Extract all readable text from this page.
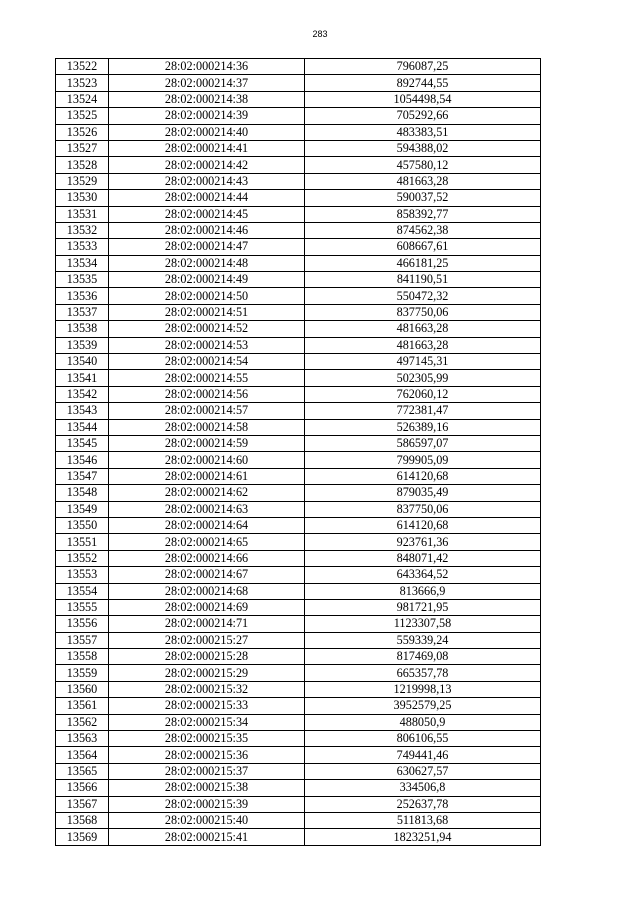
283
13522	28:02:000214:36	796087,25
13523	28:02:000214:37	892744,55
13524	28:02:000214:38	1054498,54
13525	28:02:000214:39	705292,66
13526	28:02:000214:40	483383,51
13527	28:02:000214:41	594388,02
13528	28:02:000214:42	457580,12
13529	28:02:000214:43	481663,28
13530	28:02:000214:44	590037,52
13531	28:02:000214:45	858392,77
13532	28:02:000214:46	874562,38
13533	28:02:000214:47	608667,61
13534	28:02:000214:48	466181,25
13535	28:02:000214:49	841190,51
13536	28:02:000214:50	550472,32
13537	28:02:000214:51	837750,06
13538	28:02:000214:52	481663,28
13539	28:02:000214:53	481663,28
13540	28:02:000214:54	497145,31
13541	28:02:000214:55	502305,99
13542	28:02:000214:56	762060,12
13543	28:02:000214:57	772381,47
13544	28:02:000214:58	526389,16
13545	28:02:000214:59	586597,07
13546	28:02:000214:60	799905,09
13547	28:02:000214:61	614120,68
13548	28:02:000214:62	879035,49
13549	28:02:000214:63	837750,06
13550	28:02:000214:64	614120,68
13551	28:02:000214:65	923761,36
13552	28:02:000214:66	848071,42
13553	28:02:000214:67	643364,52
13554	28:02:000214:68	813666,9
13555	28:02:000214:69	981721,95
13556	28:02:000214:71	1123307,58
13557	28:02:000215:27	559339,24
13558	28:02:000215:28	817469,08
13559	28:02:000215:29	665357,78
13560	28:02:000215:32	1219998,13
13561	28:02:000215:33	3952579,25
13562	28:02:000215:34	488050,9
13563	28:02:000215:35	806106,55
13564	28:02:000215:36	749441,46
13565	28:02:000215:37	630627,57
13566	28:02:000215:38	334506,8
13567	28:02:000215:39	252637,78
13568	28:02:000215:40	511813,68
13569	28:02:000215:41	1823251,94
